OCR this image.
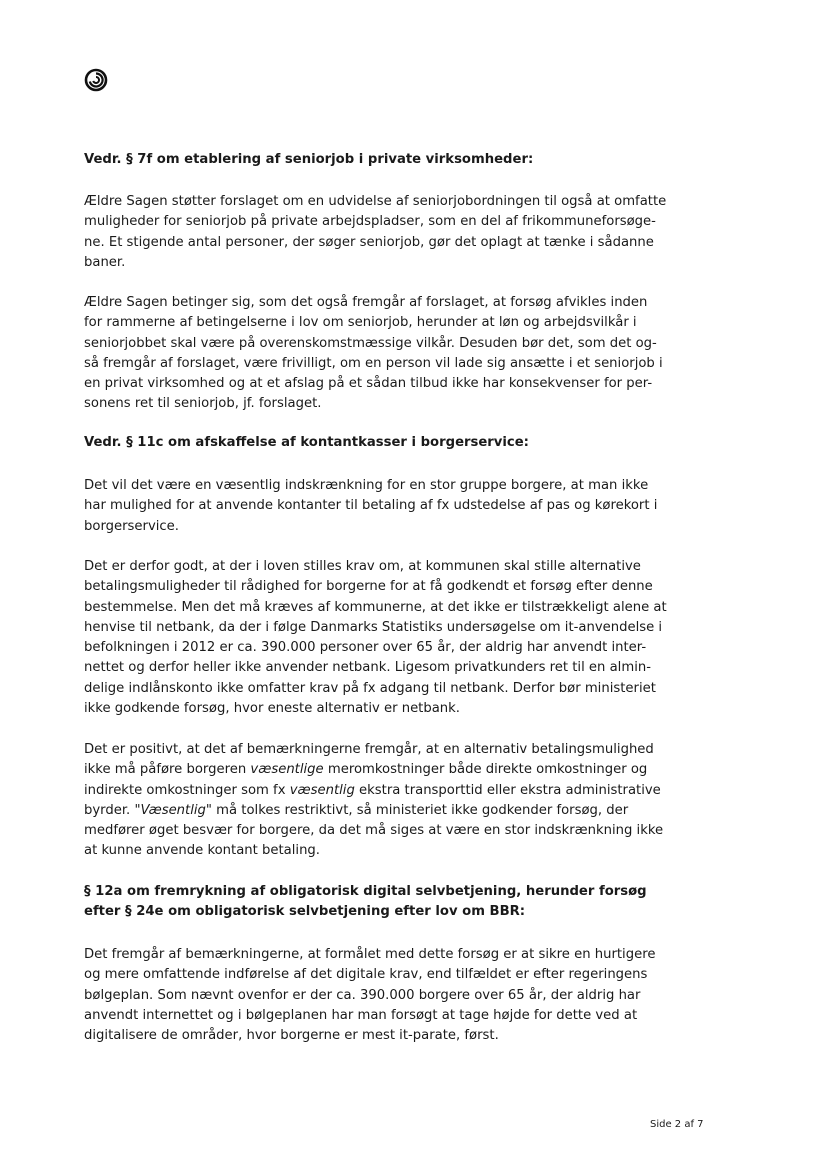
Vedr. § 7f om etablering af seniorjob i private virksomheder:
Ældre Sagen støtter forslaget om en udvidelse af seniorjobordningen til også at omfatte
muligheder for seniorjob på private arbejdspladser, som en del af frikommuneforsøge-
ne. Et stigende antal personer, der søger seniorjob, gør det oplagt at tænke i sådanne
baner.
Ældre Sagen betinger sig, som det også fremgår af forslaget, at forsøg afvikles inden
for rammerne af betingelserne i lov om seniorjob, herunder at løn og arbejdsvilkår i
seniorjobbet skal være på overenskomstmæssige vilkår. Desuden bør det, som det og-
så fremgår af forslaget, være frivilligt, om en person vil lade sig ansætte i et seniorjob i
en privat virksomhed og at et afslag på et sådan tilbud ikke har konsekvenser for per-
sonens ret til seniorjob, jf. forslaget.
Vedr. § 11c om afskaffelse af kontantkasser i borgerservice:
Det vil det være en væsentlig indskrænkning for en stor gruppe borgere, at man ikke
har mulighed for at anvende kontanter til betaling af fx udstedelse af pas og kørekort i
borgerservice.
Det er derfor godt, at der i loven stilles krav om, at kommunen skal stille alternative
betalingsmuligheder til rådighed for borgerne for at få godkendt et forsøg efter denne
bestemmelse. Men det må kræves af kommunerne, at det ikke er tilstrækkeligt alene at
henvise til netbank, da der i følge Danmarks Statistiks undersøgelse om it-anvendelse i
befolkningen i 2012 er ca. 390.000 personer over 65 år, der aldrig har anvendt inter-
nettet og derfor heller ikke anvender netbank. Ligesom privatkunders ret til en almin-
delige indlånskonto ikke omfatter krav på fx adgang til netbank. Derfor bør ministeriet
ikke godkende forsøg, hvor eneste alternativ er netbank.
Det er positivt, at det af bemærkningerne fremgår, at en alternativ betalingsmulighed
ikke må påføre borgeren væsentlige meromkostninger både direkte omkostninger og
indirekte omkostninger som fx væsentlig ekstra transporttid eller ekstra administrative
byrder. "Væsentlig" må tolkes restriktivt, så ministeriet ikke godkender forsøg, der
medfører øget besvær for borgere, da det må siges at være en stor indskrænkning ikke
at kunne anvende kontant betaling.
§ 12a om fremrykning af obligatorisk digital selvbetjening, herunder forsøg
efter § 24e om obligatorisk selvbetjening efter lov om BBR:
Det fremgår af bemærkningerne, at formålet med dette forsøg er at sikre en hurtigere
og mere omfattende indførelse af det digitale krav, end tilfældet er efter regeringens
bølgeplan. Som nævnt ovenfor er der ca. 390.000 borgere over 65 år, der aldrig har
anvendt internettet og i bølgeplanen har man forsøgt at tage højde for dette ved at
digitalisere de områder, hvor borgerne er mest it-parate, først.
Side 2 af 7
